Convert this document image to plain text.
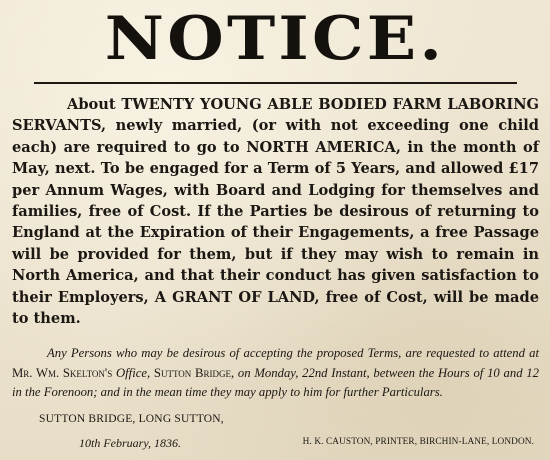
NOTICE.

About TWENTY YOUNG ABLE BODIED FARM LABORING SERVANTS, newly married, (or with not exceeding one child each) are required to go to NORTH AMERICA, in the month of May, next. To be engaged for a Term of 5 Years, and allowed £17 per Annum Wages, with Board and Lodging for themselves and families, free of Cost. If the Parties be desirous of returning to England at the Expiration of their Engagements, a free Passage will be provided for them, but if they may wish to remain in North America, and that their conduct has given satisfaction to their Employers, A GRANT OF LAND, free of Cost, will be made to them.

Any Persons who may be desirous of accepting the proposed Terms, are requested to attend at Mr. Wm. Skelton's Office, Sutton Bridge, on Monday, 22nd Instant, between the Hours of 10 and 12 in the Forenoon; and in the mean time they may apply to him for further Particulars.

SUTTON BRIDGE, LONG SUTTON,
10th February, 1836.	H. K. CAUSTON, PRINTER, BIRCHIN-LANE, LONDON.
